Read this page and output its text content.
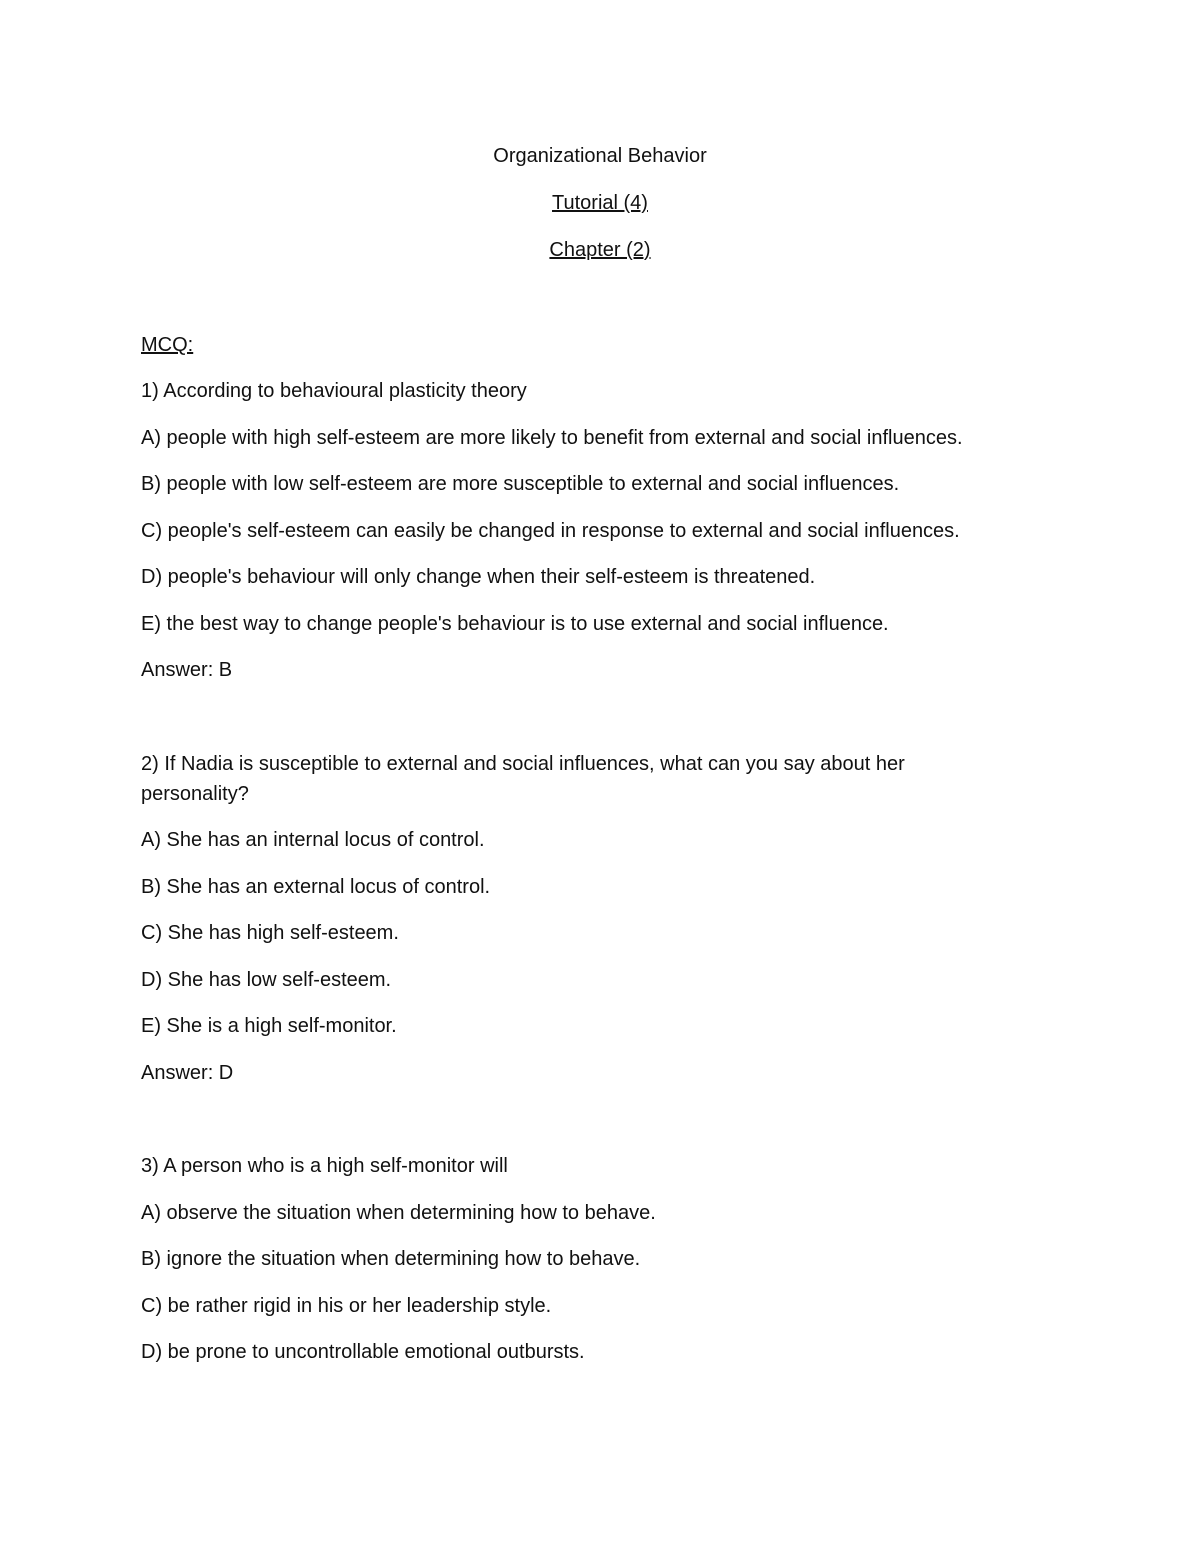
Organizational Behavior
Tutorial (4)
Chapter (2)
MCQ:
1) According to behavioural plasticity theory
A) people with high self-esteem are more likely to benefit from external and social influences.
B) people with low self-esteem are more susceptible to external and social influences.
C) people's self-esteem can easily be changed in response to external and social influences.
D) people's behaviour will only change when their self-esteem is threatened.
E) the best way to change people's behaviour is to use external and social influence.
Answer: B
2) If Nadia is susceptible to external and social influences, what can you say about her personality?
A) She has an internal locus of control.
B) She has an external locus of control.
C) She has high self-esteem.
D) She has low self-esteem.
E) She is a high self-monitor.
Answer: D
3) A person who is a high self-monitor will
A) observe the situation when determining how to behave.
B) ignore the situation when determining how to behave.
C) be rather rigid in his or her leadership style.
D) be prone to uncontrollable emotional outbursts.
